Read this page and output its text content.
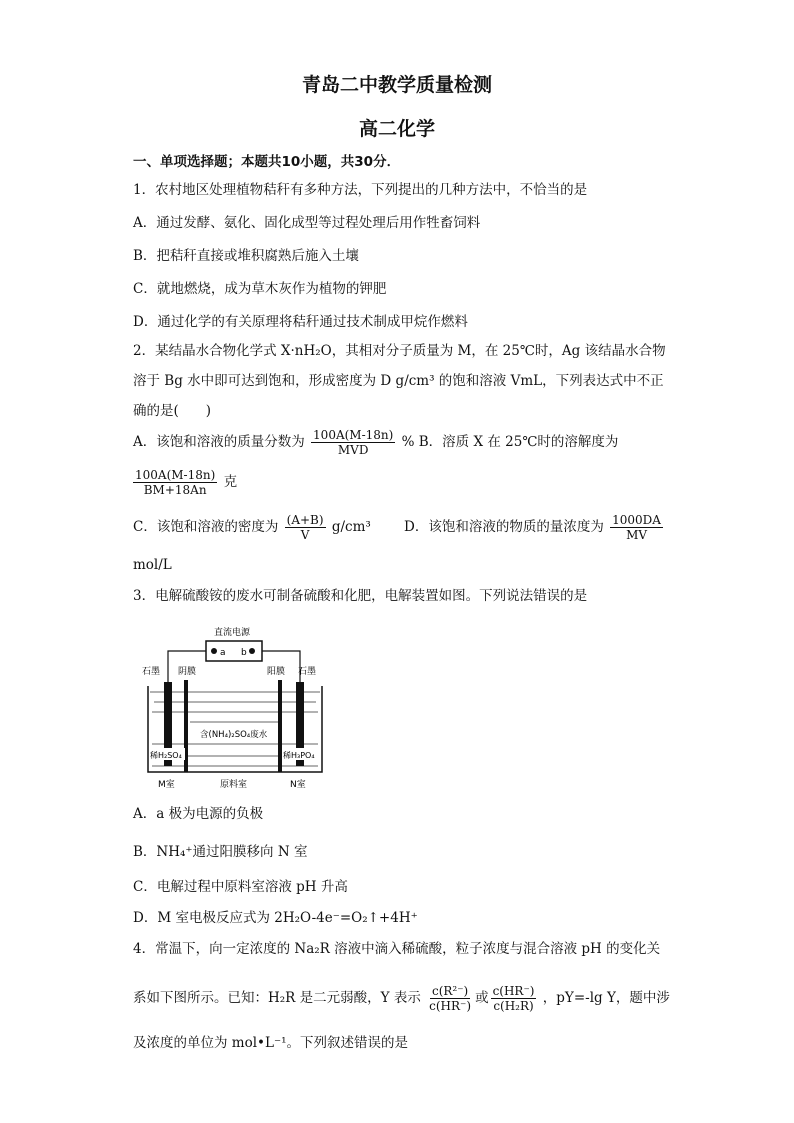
青岛二中教学质量检测
高二化学
一、单项选择题；本题共10小题，共30分．
1．农村地区处理植物秸秆有多种方法，下列提出的几种方法中，不恰当的是
A．通过发酵、氨化、固化成型等过程处理后用作牲畜饲料
B．把秸秆直接或堆积腐熟后施入土壤
C．就地燃烧，成为草木灰作为植物的钾肥
D．通过化学的有关原理将秸秆通过技术制成甲烷作燃料
2．某结晶水合物化学式 X·nH₂O，其相对分子质量为 M，在 25℃时，Ag 该结晶水合物
溶于 Bg 水中即可达到饱和，形成密度为 D g/cm³ 的饱和溶液 VmL，下列表达式中不正
确的是(　　)
A．该饱和溶液的质量分数为 $\frac{100A(M-18n)}{\text{MVD}}$ % B．溶质 X 在 25℃时的溶解度为
$\frac{100A(M-18n)}{BM+18An}$ 克
C．该饱和溶液的密度为 $\frac{(A+B)}{V} g/cm^3$ D．该饱和溶液的物质的量浓度为 $\frac{1000DA}{MV}$
mol/L
3．电解硫酸铵的废水可制备硫酸和化肥，电解装置如图。下列说法错误的是
直流电源
a b
石墨 阴膜	阳膜 石墨
含(NH₄)₂SO₄废水
稀H₂SO₄	稀H₃PO₄
M室	原料室	N室
A．a 极为电源的负极
B．NH₄⁺通过阳膜移向 N 室
C．电解过程中原料室溶液 pH 升高
D．M 室电极反应式为 2H₂O-4e⁻=O₂↑+4H⁺
4．常温下，向一定浓度的 Na₂R 溶液中滴入稀硫酸，粒子浓度与混合溶液 pH 的变化关
系如下图所示。已知：H₂R 是二元弱酸，Y 表示 $\frac{\text{c(R²⁻)}}{c(HR^-)}$ 或 $\frac{c(HR^-)}{\text{c(H₂R)}}$ ，pY=-lg Y，题中涉
及浓度的单位为 mol•L⁻¹。下列叙述错误的是
